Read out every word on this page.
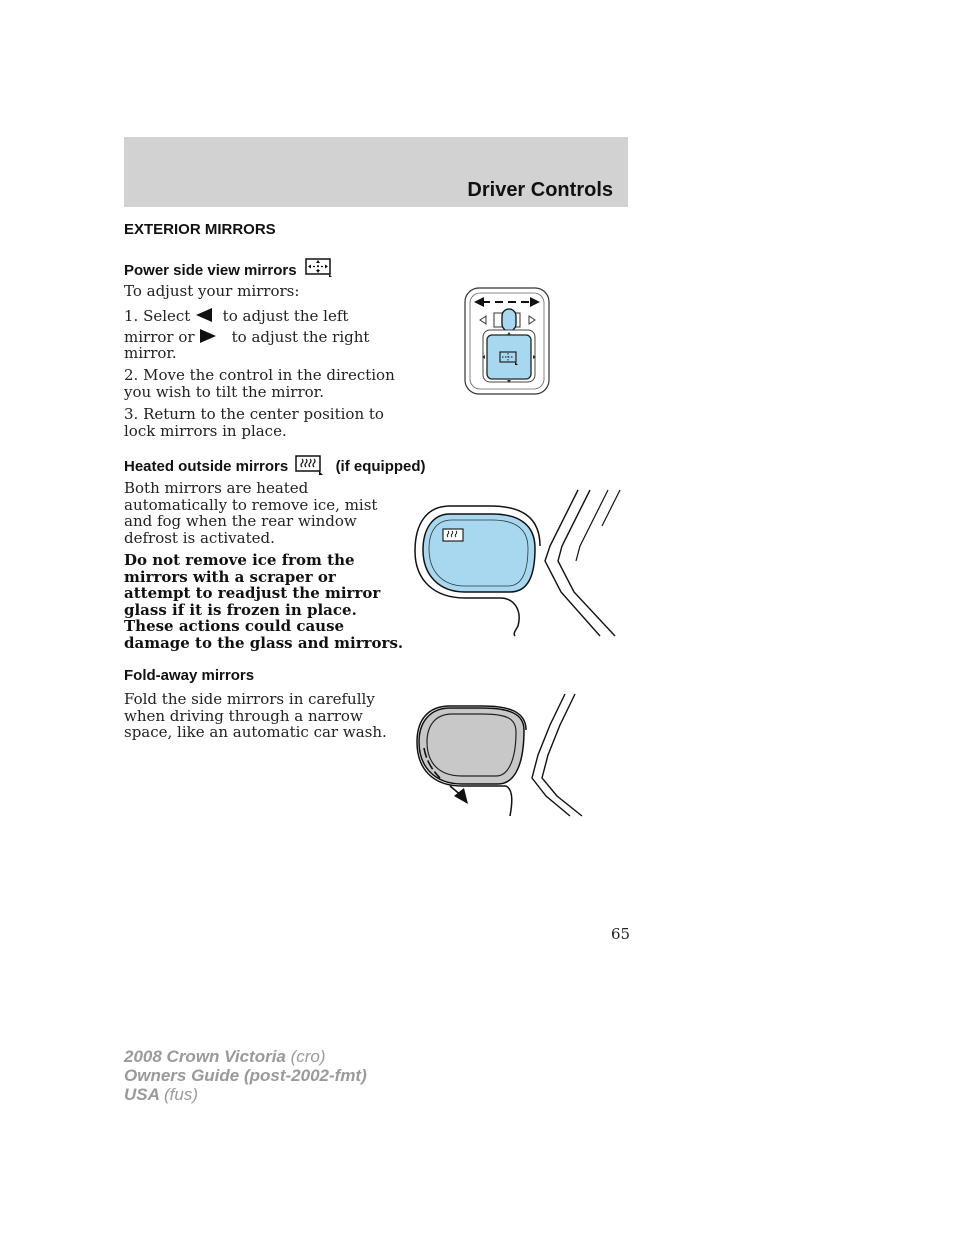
Driver Controls
EXTERIOR MIRRORS
Power side view mirrors
To adjust your mirrors:
1. Select to adjust the left
mirror or to adjust the right
mirror.
2. Move the control in the direction
you wish to tilt the mirror.
3. Return to the center position to
lock mirrors in place.
Heated outside mirrors	(if equipped)
Both mirrors are heated
automatically to remove ice, mist
and fog when the rear window
defrost is activated.
Do not remove ice from the
mirrors with a scraper or
attempt to readjust the mirror
glass if it is frozen in place.
These actions could cause
damage to the glass and mirrors.
Fold-away mirrors
Fold the side mirrors in carefully
when driving through a narrow
space, like an automatic car wash.
65
2008 Crown Victoria (cro)
Owners Guide (post-2002-fmt)
USA (fus)
